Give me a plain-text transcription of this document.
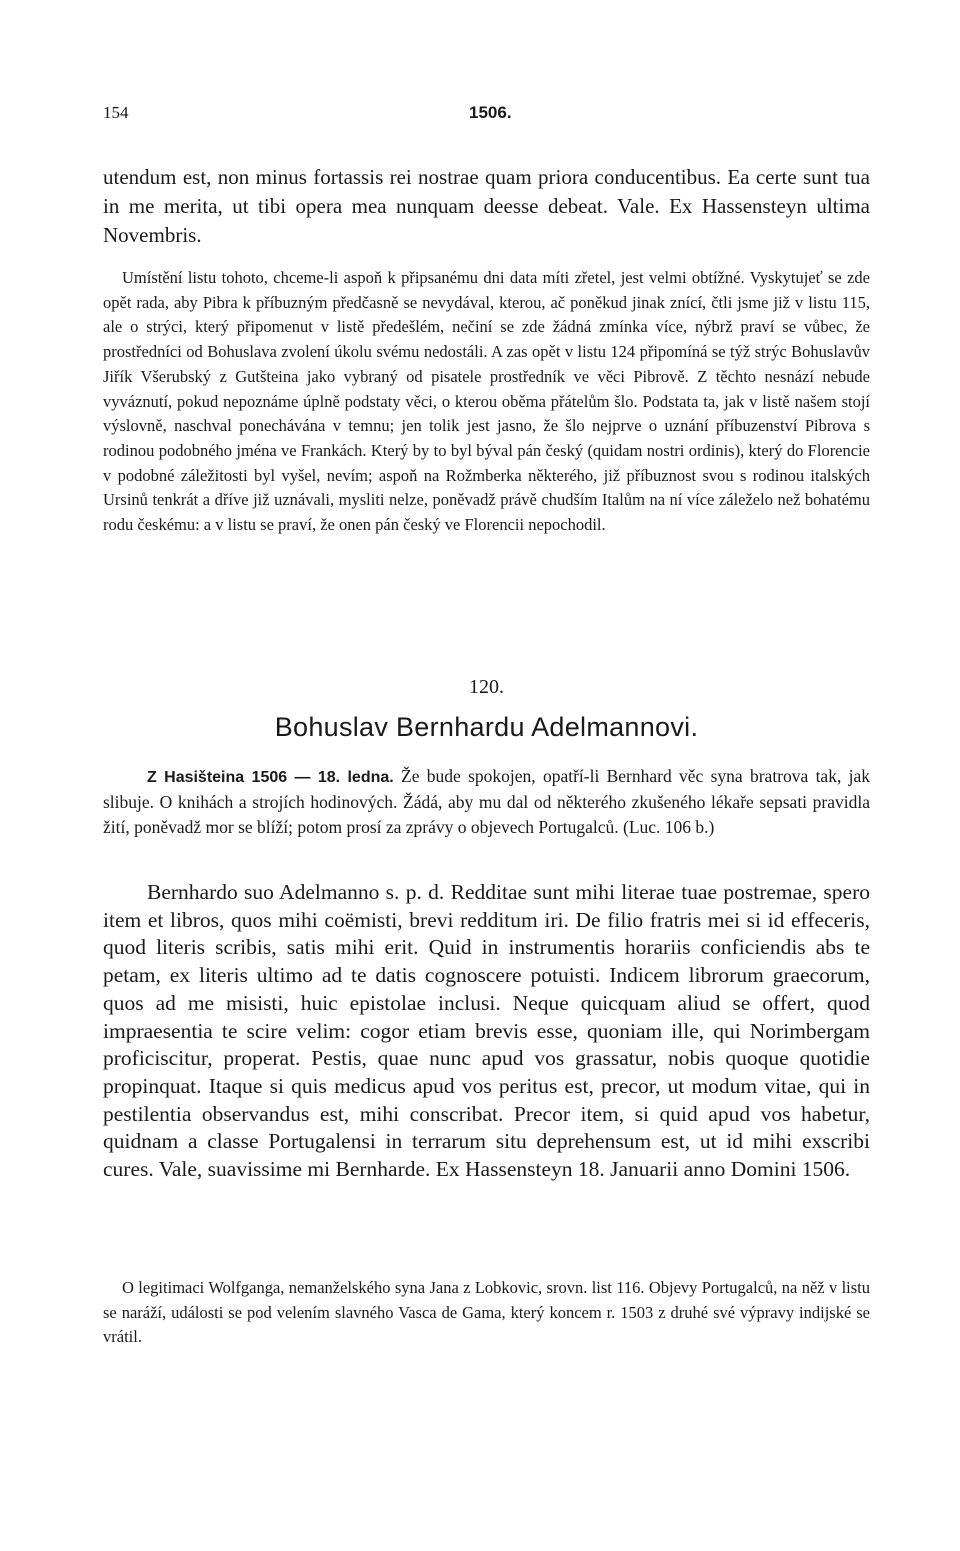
154	1506.

utendum est, non minus fortassis rei nostrae quam priora conducentibus. Ea certe sunt tua in me merita, ut tibi opera mea nunquam deesse debeat. Vale. Ex Hassensteyn ultima Novembris.

Umístění listu tohoto, chceme-li aspoň k připsanému dni data míti zřetel, jest velmi obtížné. Vyskytujeť se zde opět rada, aby Pibra k příbuzným předčasně se nevydával, kterou, ač poněkud jinak znící, čtli jsme již v listu 115, ale o strýci, který připomenut v listě předešlém, nečiní se zde žádná zmínka více, nýbrž praví se vůbec, že prostředníci od Bohuslava zvolení úkolu svému nedostáli. A zas opět v listu 124 připomíná se týž strýc Bohuslavův Jiřík Všerubský z Gutšteina jako vybraný od pisatele prostředník ve věci Pibrově. Z těchto nesnází nebude vyváznutí, pokud nepoznáme úplně podstaty věci, o kterou oběma přátelům šlo. Podstata ta, jak v listě našem stojí výslovně, naschval ponechávána v temnu; jen tolik jest jasno, že šlo nejprve o uznání příbuzenství Pibrova s rodinou podobného jména ve Frankách. Který by to byl býval pán český (quidam nostri ordinis), který do Florencie v podobné záležitosti byl vyšel, nevím; aspoň na Rožmberka některého, již příbuznost svou s rodinou italských Ursinů tenkrát a dříve již uznávali, mysliti nelze, poněvadž právě chudším Italům na ní více záleželo než bohatému rodu českému: a v listu se praví, že onen pán český ve Florencii nepochodil.

120.
Bohuslav Bernhardu Adelmannovi.

Z Hasišteina 1506 — 18. ledna. Že bude spokojen, opatří-li Bernhard věc syna bratrova tak, jak slibuje. O knihách a strojích hodinových. Žádá, aby mu dal od některého zkušeného lékaře sepsati pravidla žití, poněvadž mor se blíží; potom prosí za zprávy o objevech Portugalců. (Luc. 106 b.)

Bernhardo suo Adelmanno s. p. d. Redditae sunt mihi literae tuae postremae, spero item et libros, quos mihi coëmisti, brevi redditum iri. De filio fratris mei si id effeceris, quod literis scribis, satis mihi erit. Quid in instrumentis horariis conficiendis abs te petam, ex literis ultimo ad te datis cognoscere potuisti. Indicem librorum graecorum, quos ad me misisti, huic epistolae inclusi. Neque quicquam aliud se offert, quod impraesentia te scire velim: cogor etiam brevis esse, quoniam ille, qui Norimbergam proficiscitur, properat. Pestis, quae nunc apud vos grassatur, nobis quoque quotidie propinquat. Itaque si quis medicus apud vos peritus est, precor, ut modum vitae, qui in pestilentia observandus est, mihi conscribat. Precor item, si quid apud vos habetur, quidnam a classe Portugalensi in terrarum situ deprehensum est, ut id mihi exscribi cures. Vale, suavissime mi Bernharde. Ex Hassensteyn 18. Januarii anno Domini 1506.

O legitimaci Wolfganga, nemanželského syna Jana z Lobkovic, srovn. list 116. Objevy Portugalců, na něž v listu se naráží, události se pod velením slavného Vasca de Gama, který koncem r. 1503 z druhé své výpravy indijské se vrátil.
